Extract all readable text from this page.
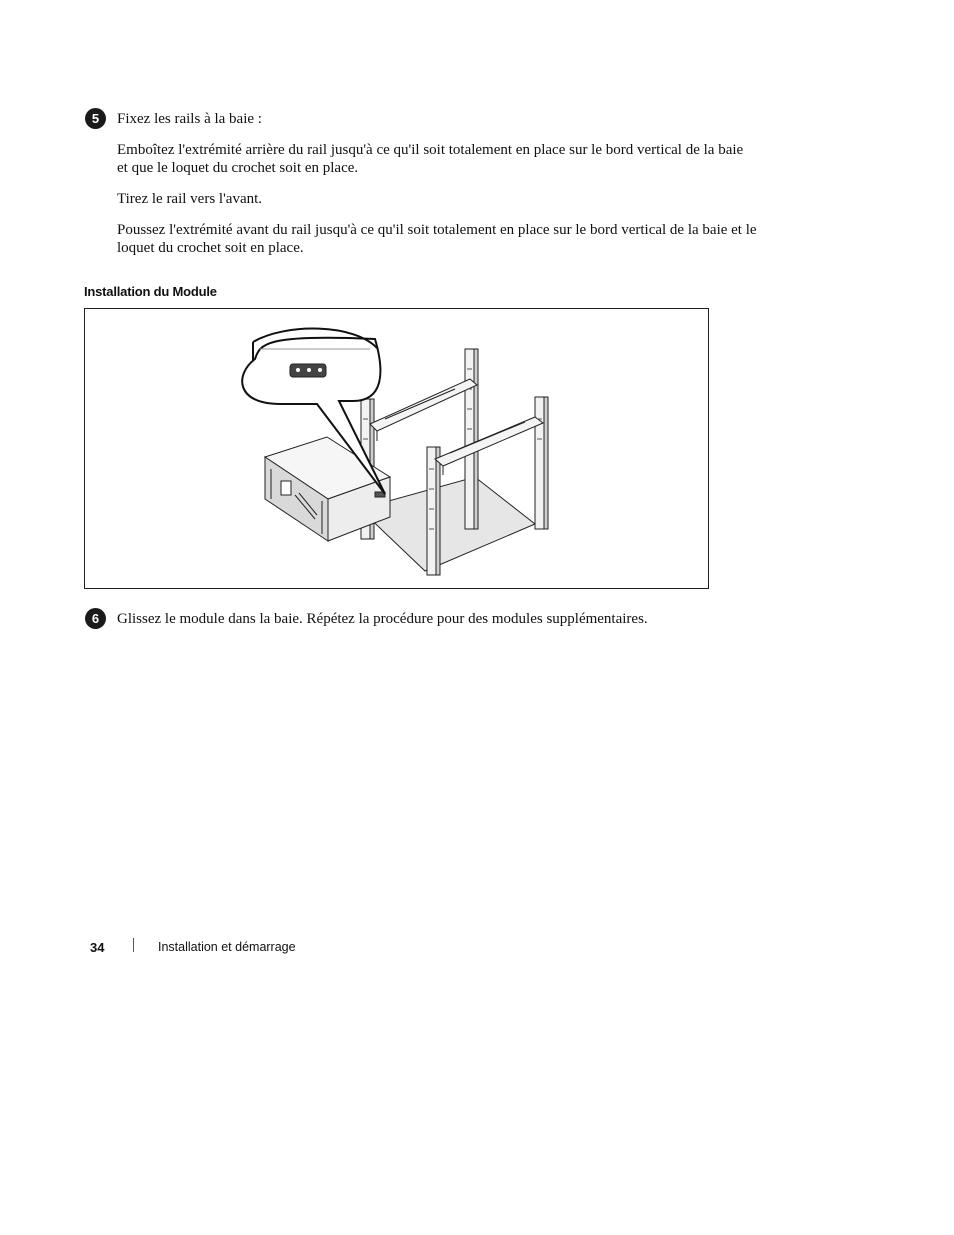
5	Fixez les rails à la baie :
Emboîtez l'extrémité arrière du rail jusqu'à ce qu'il soit totalement en place sur le bord vertical de la baie et que le loquet du crochet soit en place.
Tirez le rail vers l'avant.
Poussez l'extrémité avant du rail jusqu'à ce qu'il soit totalement en place sur le bord vertical de la baie et le loquet du crochet soit en place.
Installation du Module
6	Glissez le module dans la baie. Répétez la procédure pour des modules supplémentaires.
34	Installation et démarrage
